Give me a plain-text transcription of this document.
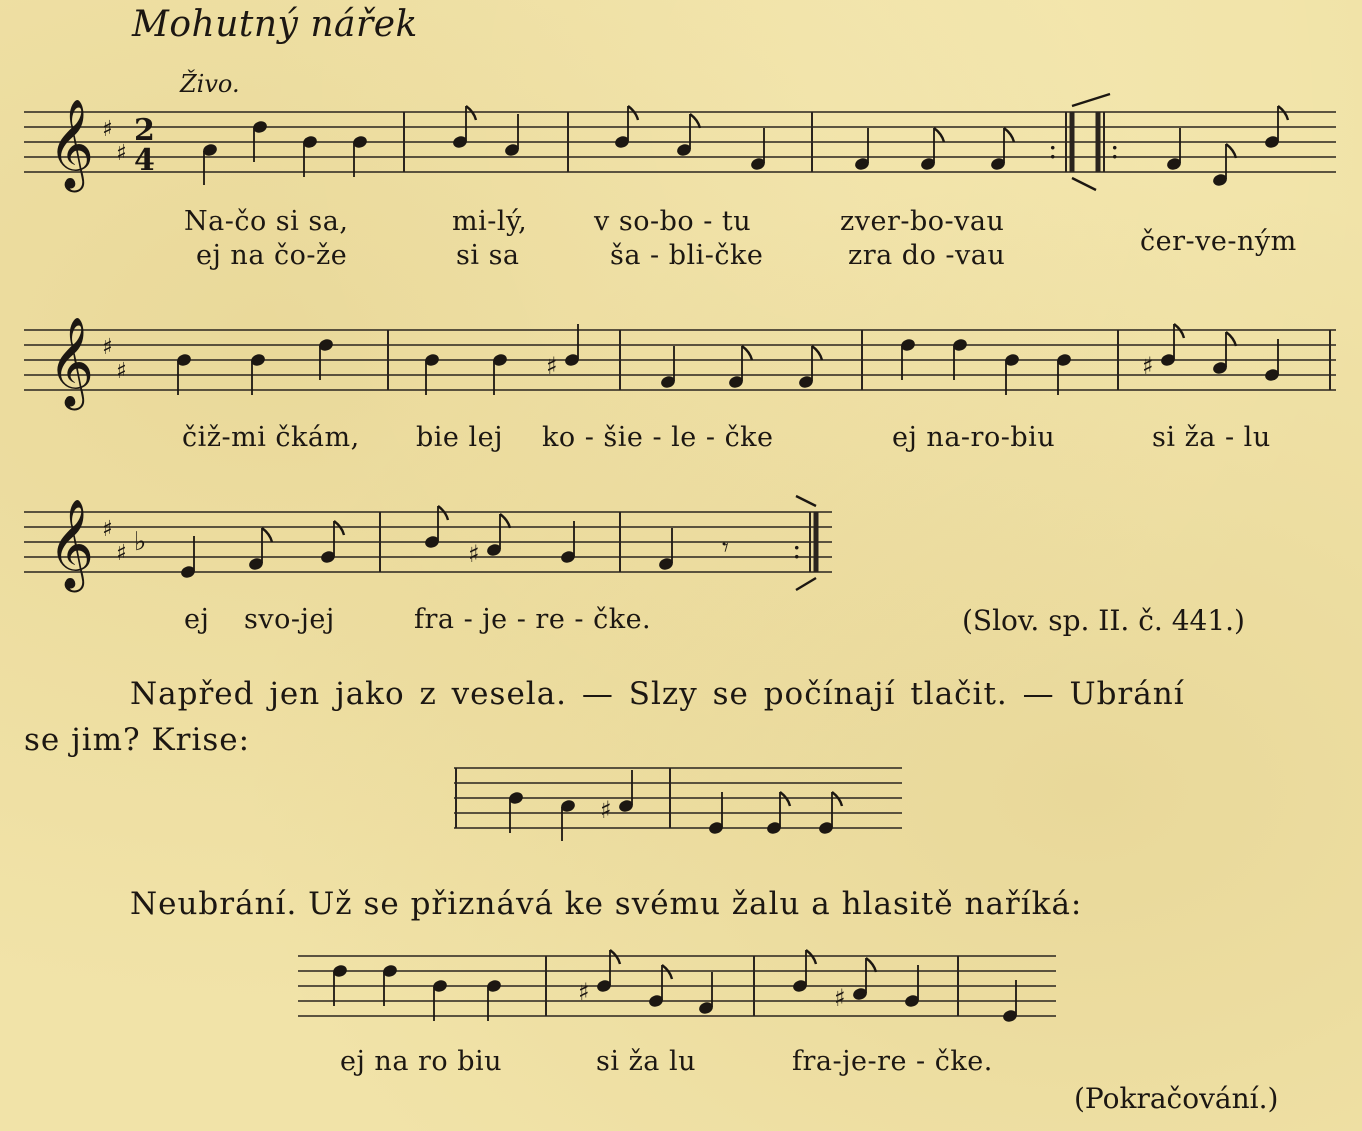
Mohutný nářek
Živo.
𝄞 ♯
♯
2
4	: :
Na-čo si sa,	mi-lý, v so-bo - tu	zver-bo-vau
ej na čo-že	si sa	ša - bli-čke	zra do -vau	čer-ve-ným
𝄞 ♯
♯	♯	♯
čiž-mi čkám, bie lej ko - šie - le - čke	ej na-ro-biu	si ža - lu
𝄞 ♯
♯ ♭	:
♯	𝄾
ej svo-jej	fra - je - re - čke.	(Slov. sp. II. č. 441.)
Napřed jen jako z vesela. — Slzy se počínají tlačit. — Ubrání
se jim? Krise:
♯
Neubrání. Už se přiznává ke svému žalu a hlasitě naříká:
♯	♯
ej na ro biu	si ža lu	fra-je-re - čke.
(Pokračování.)
